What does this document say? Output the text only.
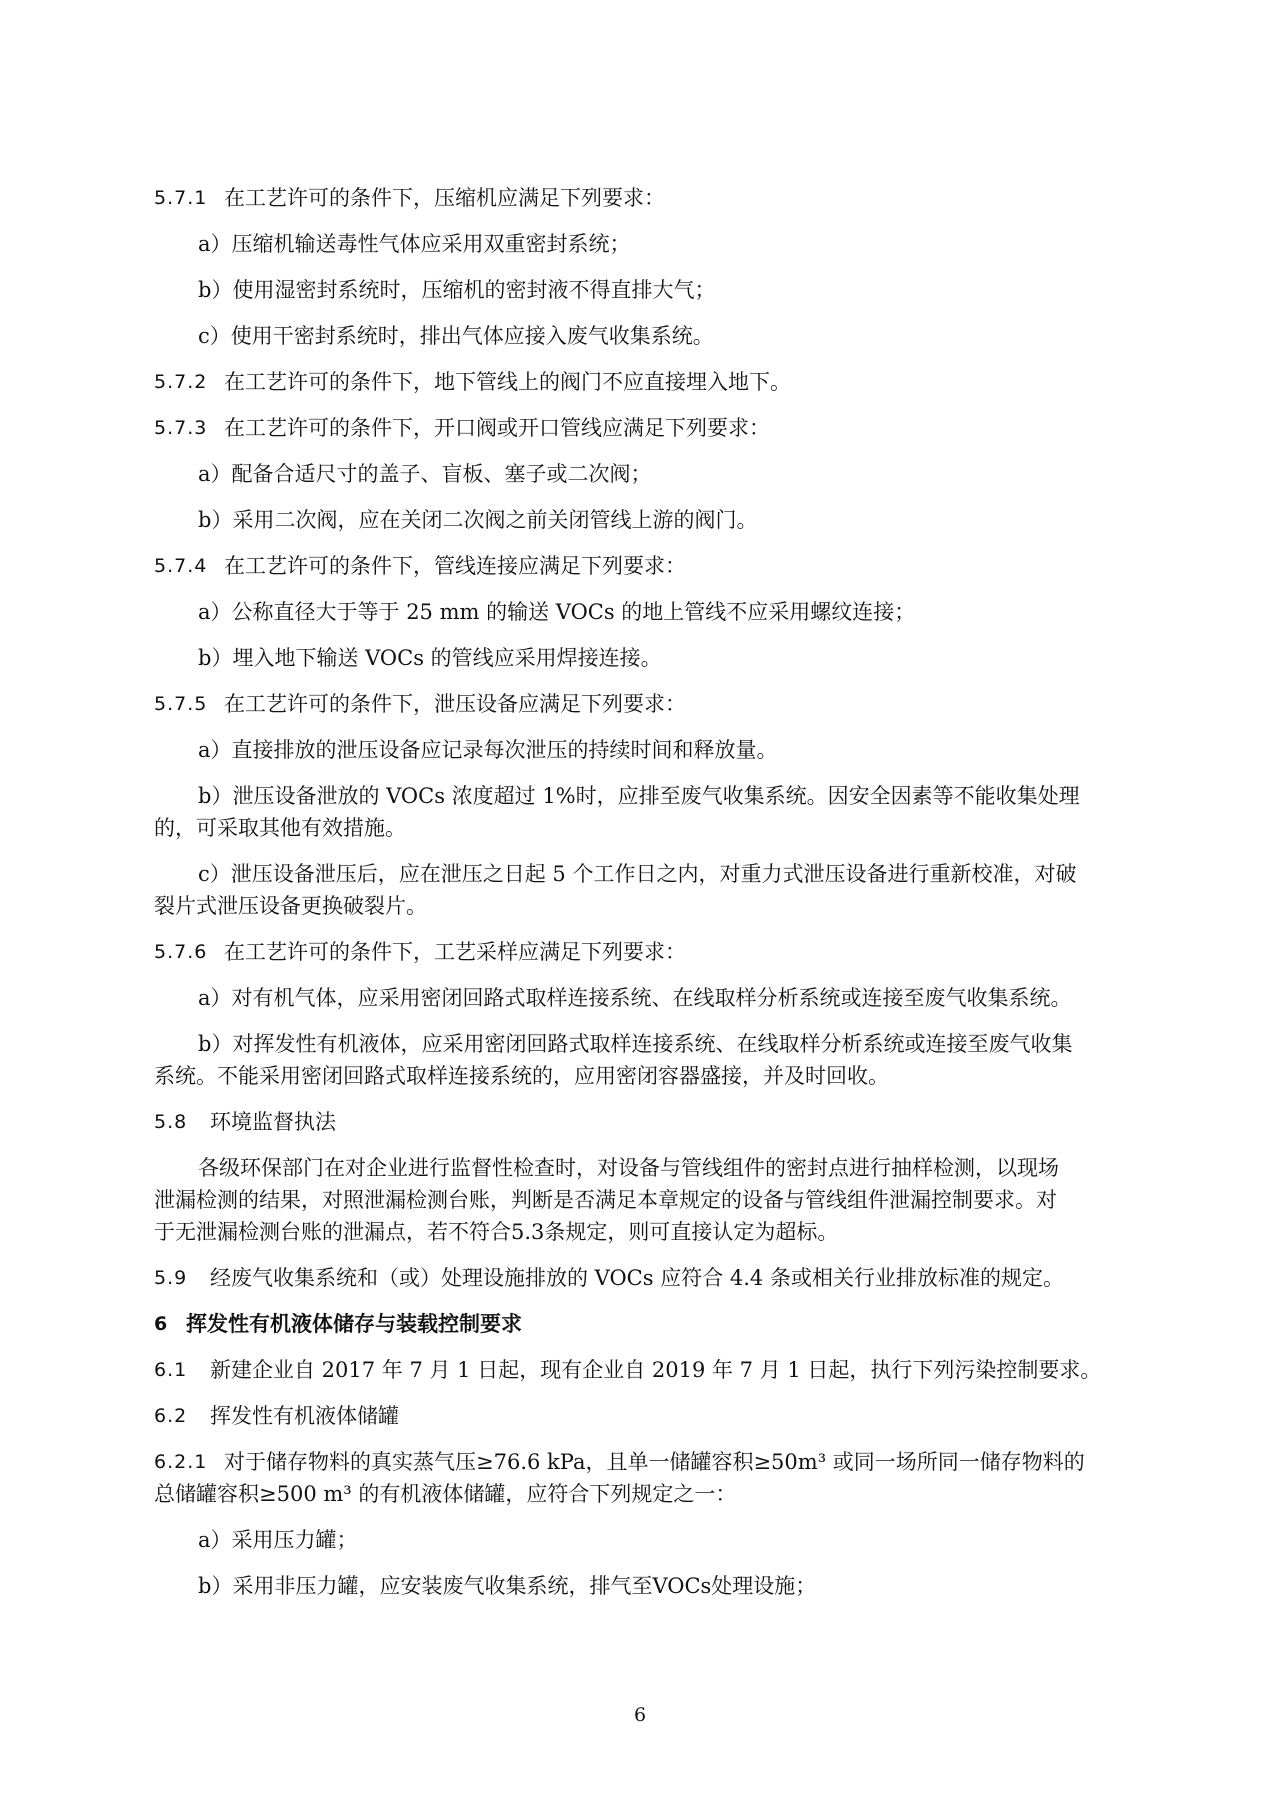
5.7.1 在工艺许可的条件下，压缩机应满足下列要求：
a）压缩机输送毒性气体应采用双重密封系统；
b）使用湿密封系统时，压缩机的密封液不得直排大气；
c）使用干密封系统时，排出气体应接入废气收集系统。
5.7.2 在工艺许可的条件下，地下管线上的阀门不应直接埋入地下。
5.7.3 在工艺许可的条件下，开口阀或开口管线应满足下列要求：
a）配备合适尺寸的盖子、盲板、塞子或二次阀；
b）采用二次阀，应在关闭二次阀之前关闭管线上游的阀门。
5.7.4 在工艺许可的条件下，管线连接应满足下列要求：
a）公称直径大于等于 25 mm 的输送 VOCs 的地上管线不应采用螺纹连接；
b）埋入地下输送 VOCs 的管线应采用焊接连接。
5.7.5 在工艺许可的条件下，泄压设备应满足下列要求：
a）直接排放的泄压设备应记录每次泄压的持续时间和释放量。
b）泄压设备泄放的 VOCs 浓度超过 1%时，应排至废气收集系统。因安全因素等不能收集处理
的，可采取其他有效措施。
c）泄压设备泄压后，应在泄压之日起 5 个工作日之内，对重力式泄压设备进行重新校准，对破
裂片式泄压设备更换破裂片。
5.7.6 在工艺许可的条件下，工艺采样应满足下列要求：
a）对有机气体，应采用密闭回路式取样连接系统、在线取样分析系统或连接至废气收集系统。
b）对挥发性有机液体，应采用密闭回路式取样连接系统、在线取样分析系统或连接至废气收集
系统。不能采用密闭回路式取样连接系统的，应用密闭容器盛接，并及时回收。
5.8 环境监督执法
各级环保部门在对企业进行监督性检查时，对设备与管线组件的密封点进行抽样检测，以现场
泄漏检测的结果，对照泄漏检测台账，判断是否满足本章规定的设备与管线组件泄漏控制要求。对
于无泄漏检测台账的泄漏点，若不符合5.3条规定，则可直接认定为超标。
5.9 经废气收集系统和（或）处理设施排放的 VOCs 应符合 4.4 条或相关行业排放标准的规定。
6 挥发性有机液体储存与装载控制要求
6.1 新建企业自 2017 年 7 月 1 日起，现有企业自 2019 年 7 月 1 日起，执行下列污染控制要求。
6.2 挥发性有机液体储罐
6.2.1 对于储存物料的真实蒸气压≥76.6 kPa，且单一储罐容积≥50m³ 或同一场所同一储存物料的
总储罐容积≥500 m³ 的有机液体储罐，应符合下列规定之一：
a）采用压力罐；
b）采用非压力罐，应安装废气收集系统，排气至VOCs处理设施；
6
